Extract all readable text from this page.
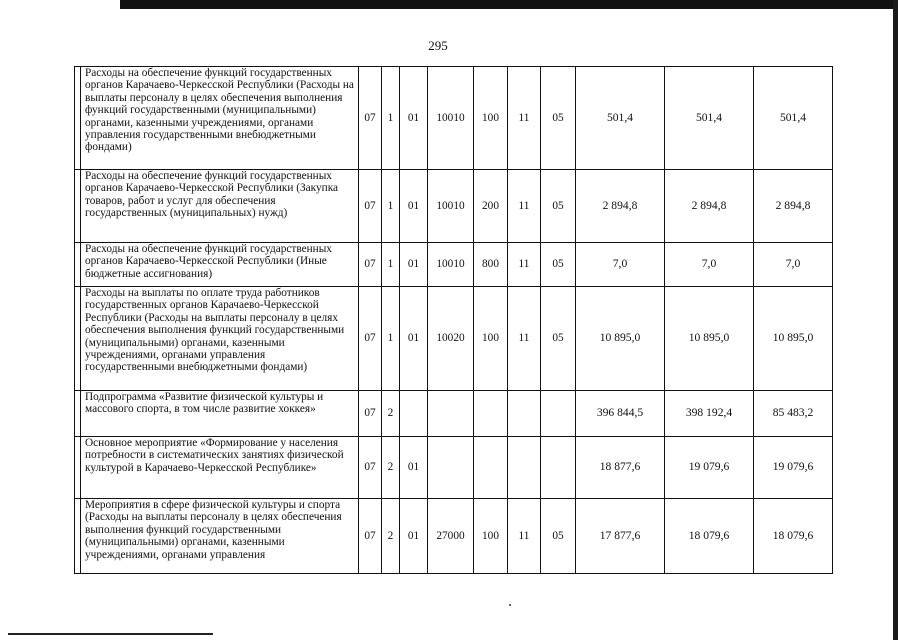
295
	Расходы на обеспечение функций государственных органов Карачаево-Черкесской Республики (Расходы на выплаты персоналу в целях обеспечения выполнения функций государственными (муниципальными) органами, казенными учреждениями, органами управления государственными внебюджетными фондами)	07	1	01	10010	100	11	05	501,4	501,4	501,4
	Расходы на обеспечение функций государственных органов Карачаево-Черкесской Республики (Закупка товаров, работ и услуг для обеспечения государственных (муниципальных) нужд)	07	1	01	10010	200	11	05	2 894,8	2 894,8	2 894,8
	Расходы на обеспечение функций государственных органов Карачаево-Черкесской Республики (Иные бюджетные ассигнования)	07	1	01	10010	800	11	05	7,0	7,0	7,0
	Расходы на выплаты по оплате труда работников государственных органов Карачаево-Черкесской Республики (Расходы на выплаты персоналу в целях обеспечения выполнения функций государственными (муниципальными) органами, казенными учреждениями, органами управления государственными внебюджетными фондами)	07	1	01	10020	100	11	05	10 895,0	10 895,0	10 895,0
	Подпрограмма «Развитие физической культуры и массового спорта, в том числе развитие хоккея»	07	2						396 844,5	398 192,4	85 483,2
	Основное мероприятие «Формирование у населения потребности в систематических занятиях физической культурой в Карачаево-Черкесской Республике»	07	2	01					18 877,6	19 079,6	19 079,6
	Мероприятия в сфере физической культуры и спорта (Расходы на выплаты персоналу в целях обеспечения выполнения функций государственными (муниципальными) органами, казенными учреждениями, органами управления	07	2	01	27000	100	11	05	17 877,6	18 079,6	18 079,6
